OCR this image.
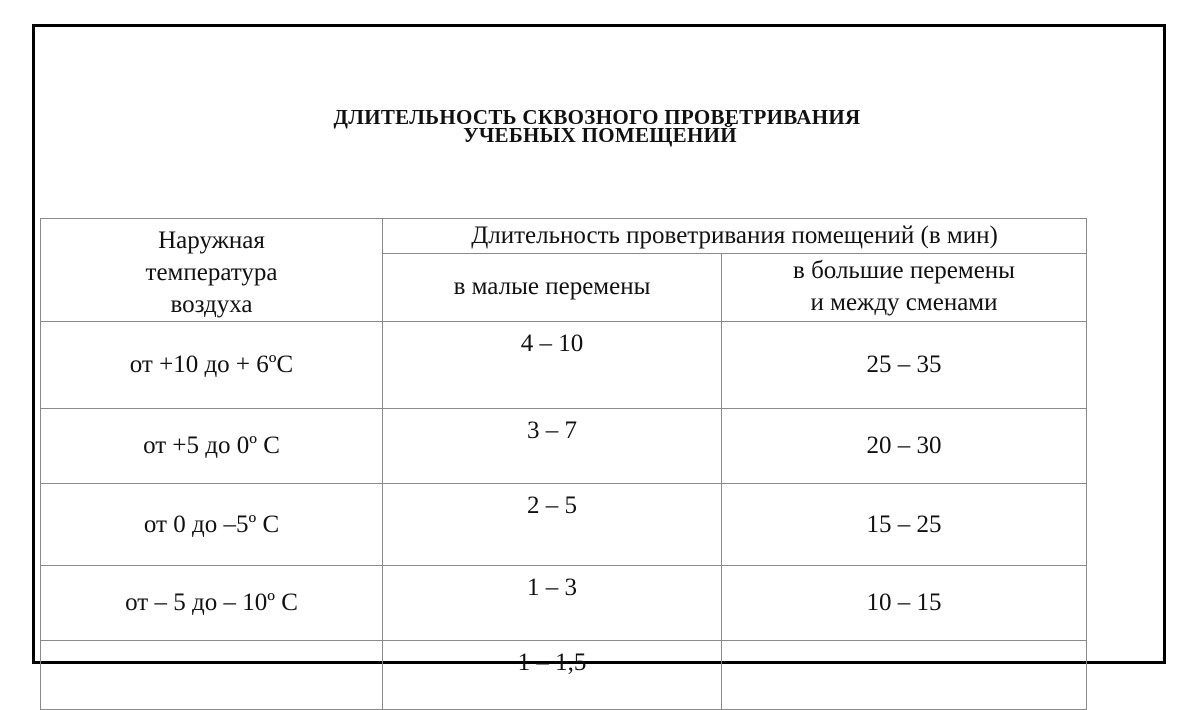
ДЛИТЕЛЬНОСТЬ СКВОЗНОГО ПРОВЕТРИВАНИЯ
УЧЕБНЫХ ПОМЕЩЕНИЙ
Наружная
температура
воздуха	Длительность проветривания помещений (в мин)	
	в малые перемены	в большие перемены
и между сменами

от +10 до + 6ºС	4 – 10	25 – 35
от +5 до 0º С	3 – 7	20 – 30
от 0 до –5º С	2 – 5	15 – 25
от – 5 до – 10º С	1 – 3	10 – 15
	1 – 1,5	
